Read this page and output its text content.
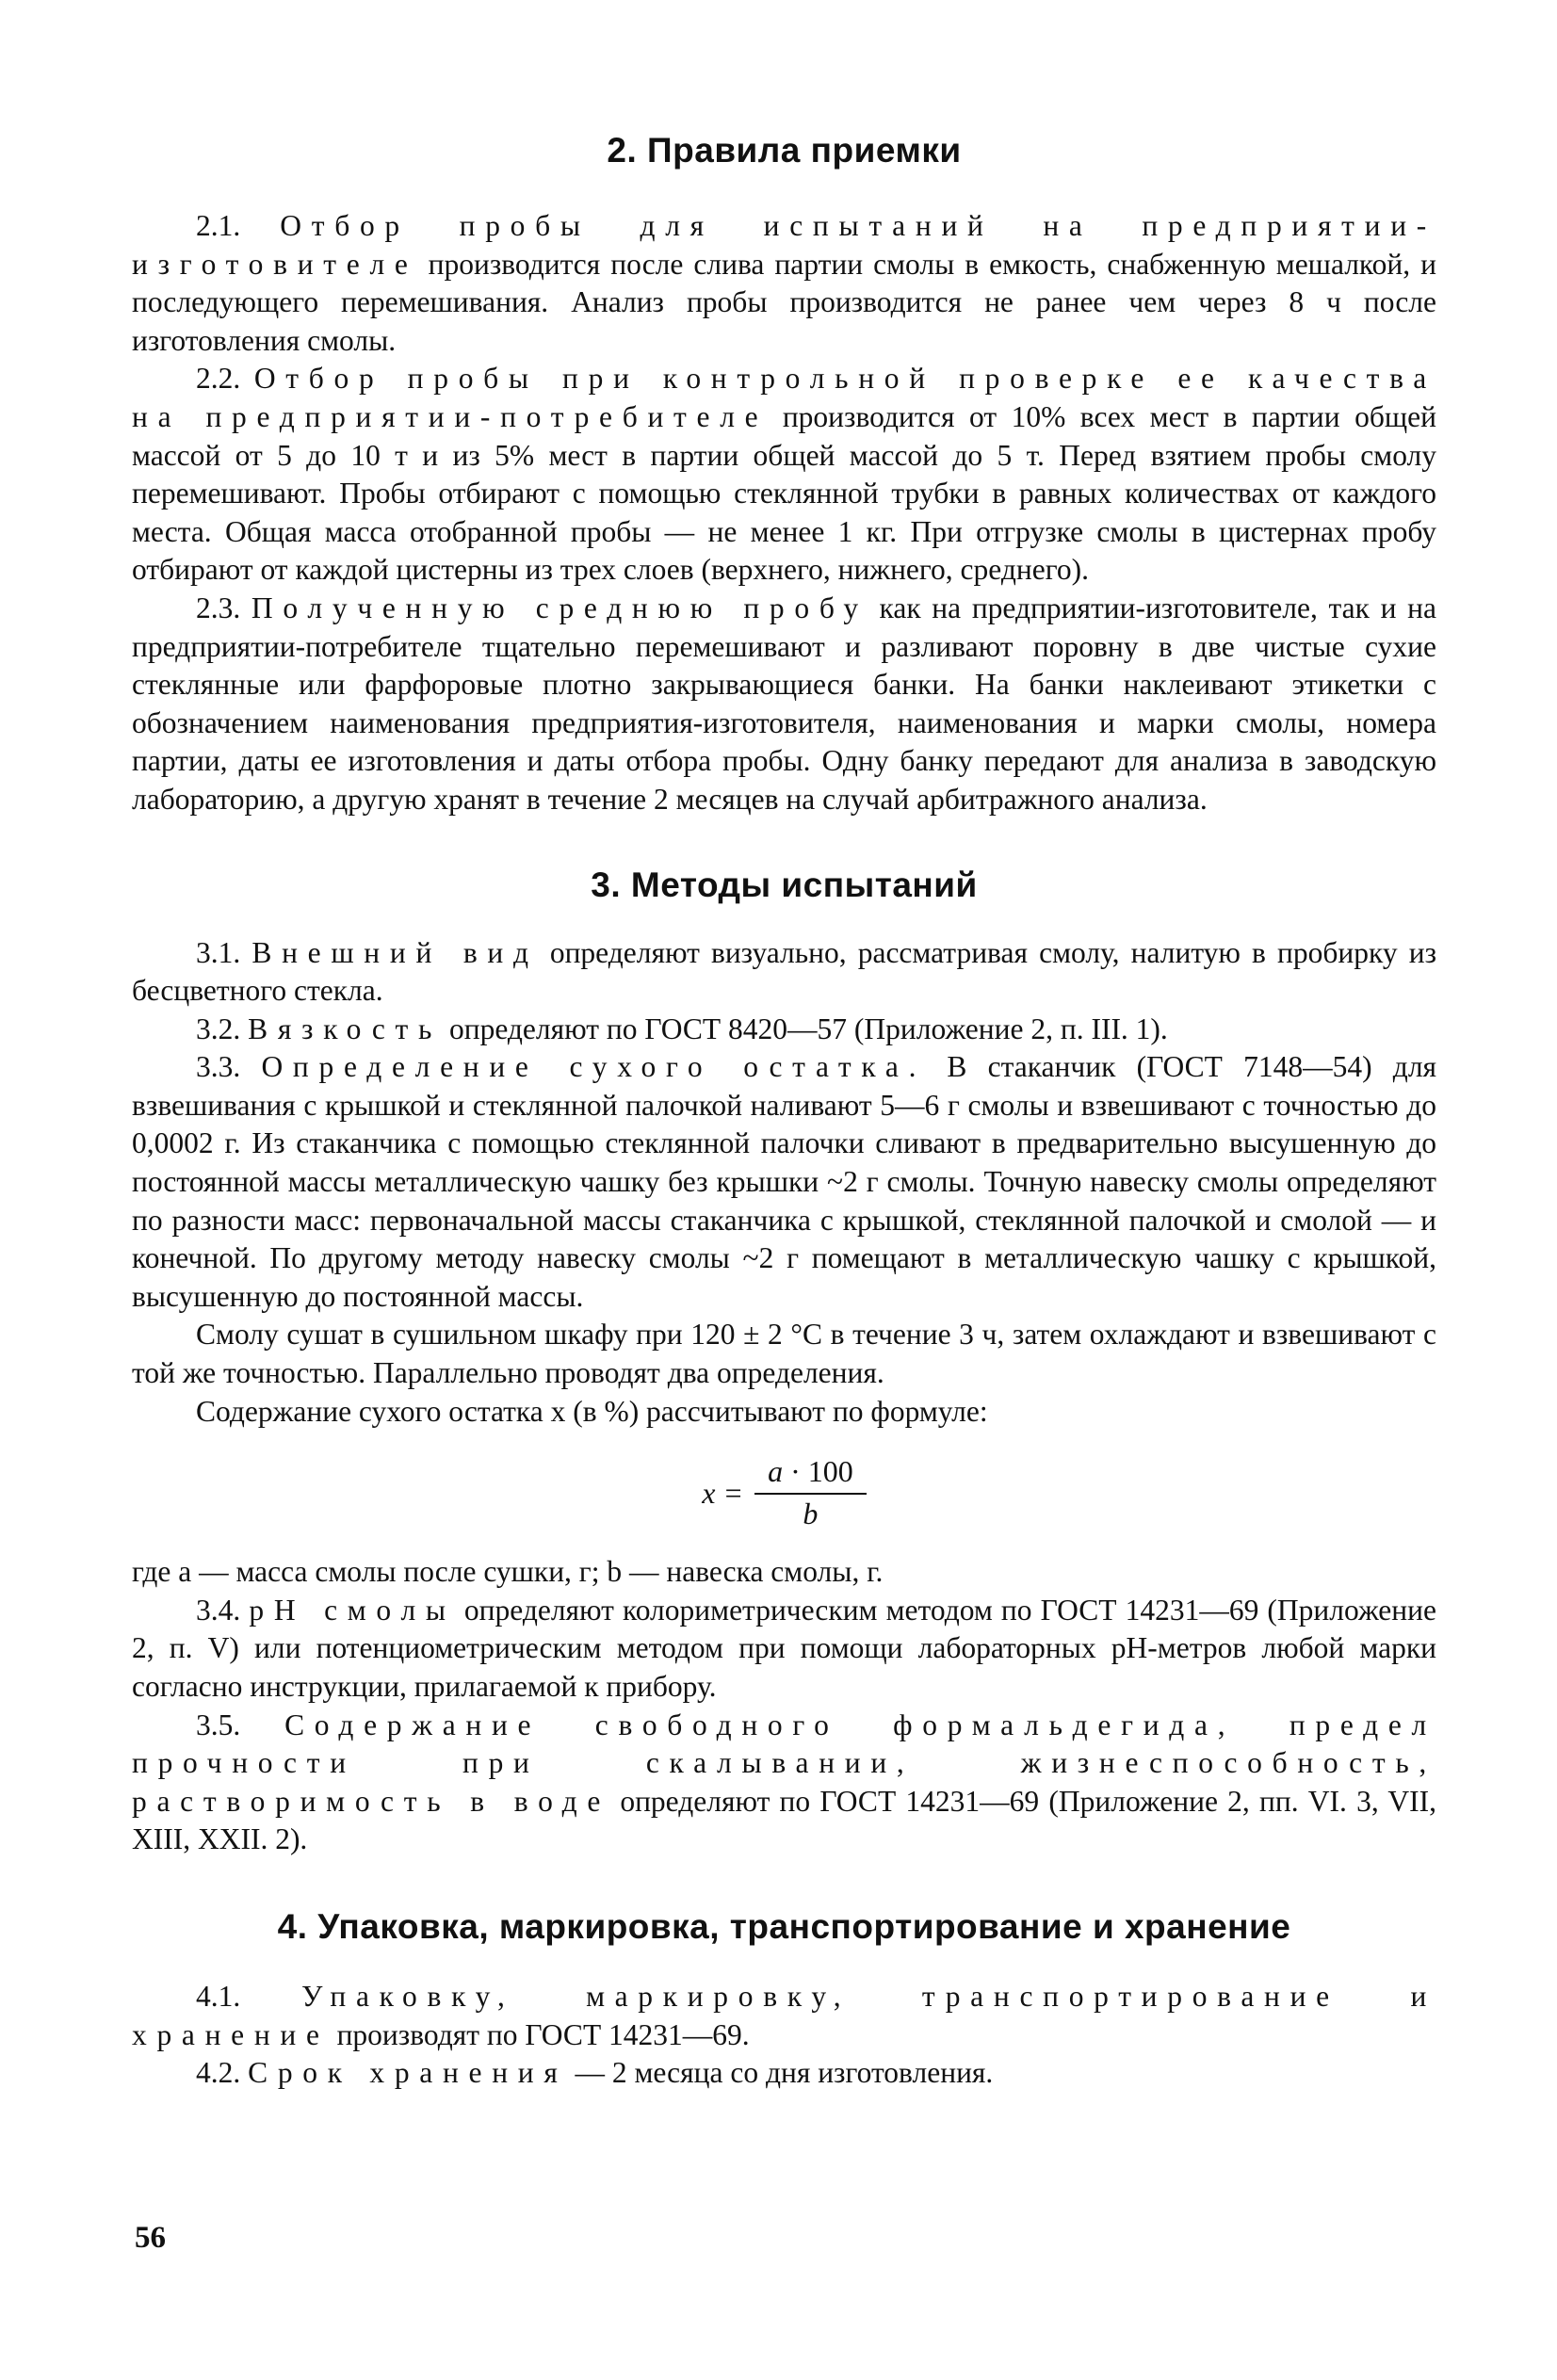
2. Правила приемки

2.1. Отбор пробы для испытаний на предприятии-изготовителе производится после слива партии смолы в емкость, снабженную мешалкой, и последующего перемешивания. Анализ пробы производится не ранее чем через 8 ч после изготовления смолы.

2.2. Отбор пробы при контрольной проверке ее качества на предприятии-потребителе производится от 10% всех мест в партии общей массой от 5 до 10 т и из 5% мест в партии общей массой до 5 т. Перед взятием пробы смолу перемешивают. Пробы отбирают с помощью стеклянной трубки в равных количествах от каждого места. Общая масса отобранной пробы — не менее 1 кг. При отгрузке смолы в цистернах пробу отбирают от каждой цистерны из трех слоев (верхнего, нижнего, среднего).

2.3. Полученную среднюю пробу как на предприятии-изготовителе, так и на предприятии-потребителе тщательно перемешивают и разливают поровну в две чистые сухие стеклянные или фарфоровые плотно закрывающиеся банки. На банки наклеивают этикетки с обозначением наименования предприятия-изготовителя, наименования и марки смолы, номера партии, даты ее изготовления и даты отбора пробы. Одну банку передают для анализа в заводскую лабораторию, а другую хранят в течение 2 месяцев на случай арбитражного анализа.

3. Методы испытаний

3.1. Внешний вид определяют визуально, рассматривая смолу, налитую в пробирку из бесцветного стекла.

3.2. Вязкость определяют по ГОСТ 8420—57 (Приложение 2, п. III. 1).

3.3. Определение сухого остатка. В стаканчик (ГОСТ 7148—54) для взвешивания с крышкой и стеклянной палочкой наливают 5—6 г смолы и взвешивают с точностью до 0,0002 г. Из стаканчика с помощью стеклянной палочки сливают в предварительно высушенную до постоянной массы металлическую чашку без крышки ~2 г смолы. Точную навеску смолы определяют по разности масс: первоначальной массы стаканчика с крышкой, стеклянной палочкой и смолой — и конечной. По другому методу навеску смолы ~2 г помещают в металлическую чашку с крышкой, высушенную до постоянной массы.

Смолу сушат в сушильном шкафу при 120 ± 2 °С в течение 3 ч, затем охлаждают и взвешивают с той же точностью. Параллельно проводят два определения.

Содержание сухого остатка x (в %) рассчитывают по формуле:

$x = \frac{a \cdot 100}{b}$

где a — масса смолы после сушки, г; b — навеска смолы, г.

3.4. pH смолы определяют колориметрическим методом по ГОСТ 14231—69 (Приложение 2, п. V) или потенциометрическим методом при помощи лабораторных pH-метров любой марки согласно инструкции, прилагаемой к прибору.

3.5. Содержание свободного формальдегида, предел прочности при скалывании, жизнеспособность, растворимость в воде определяют по ГОСТ 14231—69 (Приложение 2, пп. VI. 3, VII, XIII, XXII. 2).

4. Упаковка, маркировка, транспортирование и хранение

4.1. Упаковку, маркировку, транспортирование и хранение производят по ГОСТ 14231—69.

4.2. Срок хранения — 2 месяца со дня изготовления.

56
